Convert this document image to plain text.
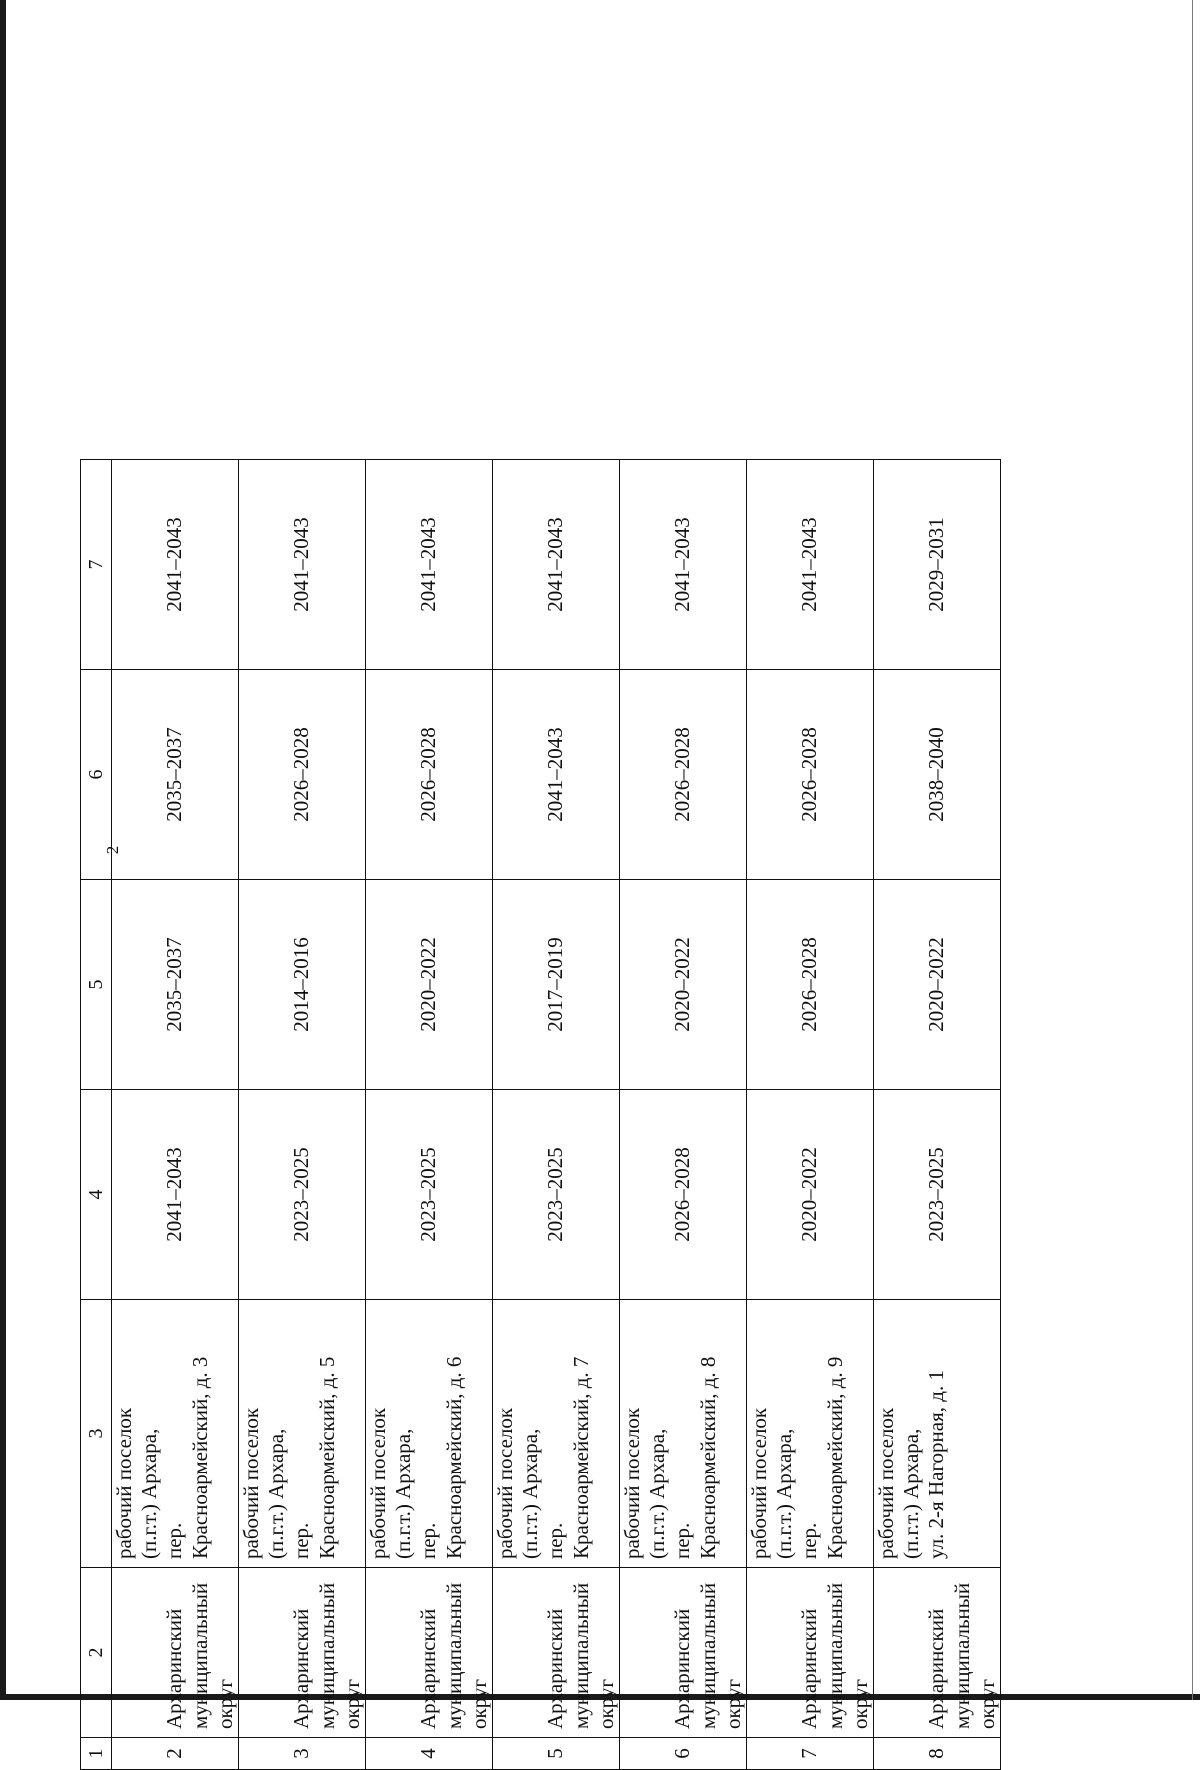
2
1	2	3	4	5	6	7
2	Архаринский муниципальный округ	рабочий поселок (п.г.т.) Архара, пер. Красноармейский, д. 3	2041–2043	2035–2037	2035–2037	2041–2043
3	Архаринский муниципальный округ	рабочий поселок (п.г.т.) Архара, пер. Красноармейский, д. 5	2023–2025	2014–2016	2026–2028	2041–2043
4	Архаринский муниципальный округ	рабочий поселок (п.г.т.) Архара, пер. Красноармейский, д. 6	2023–2025	2020–2022	2026–2028	2041–2043
5	Архаринский муниципальный округ	рабочий поселок (п.г.т.) Архара, пер. Красноармейский, д. 7	2023–2025	2017–2019	2041–2043	2041–2043
6	Архаринский муниципальный округ	рабочий поселок (п.г.т.) Архара, пер. Красноармейский, д. 8	2026–2028	2020–2022	2026–2028	2041–2043
7	Архаринский муниципальный округ	рабочий поселок (п.г.т.) Архара, пер. Красноармейский, д. 9	2020–2022	2026–2028	2026–2028	2041–2043
8	Архаринский муниципальный округ	рабочий поселок (п.г.т.) Архара, ул. 2-я Нагорная, д. 1	2023–2025	2020–2022	2038–2040	2029–2031
